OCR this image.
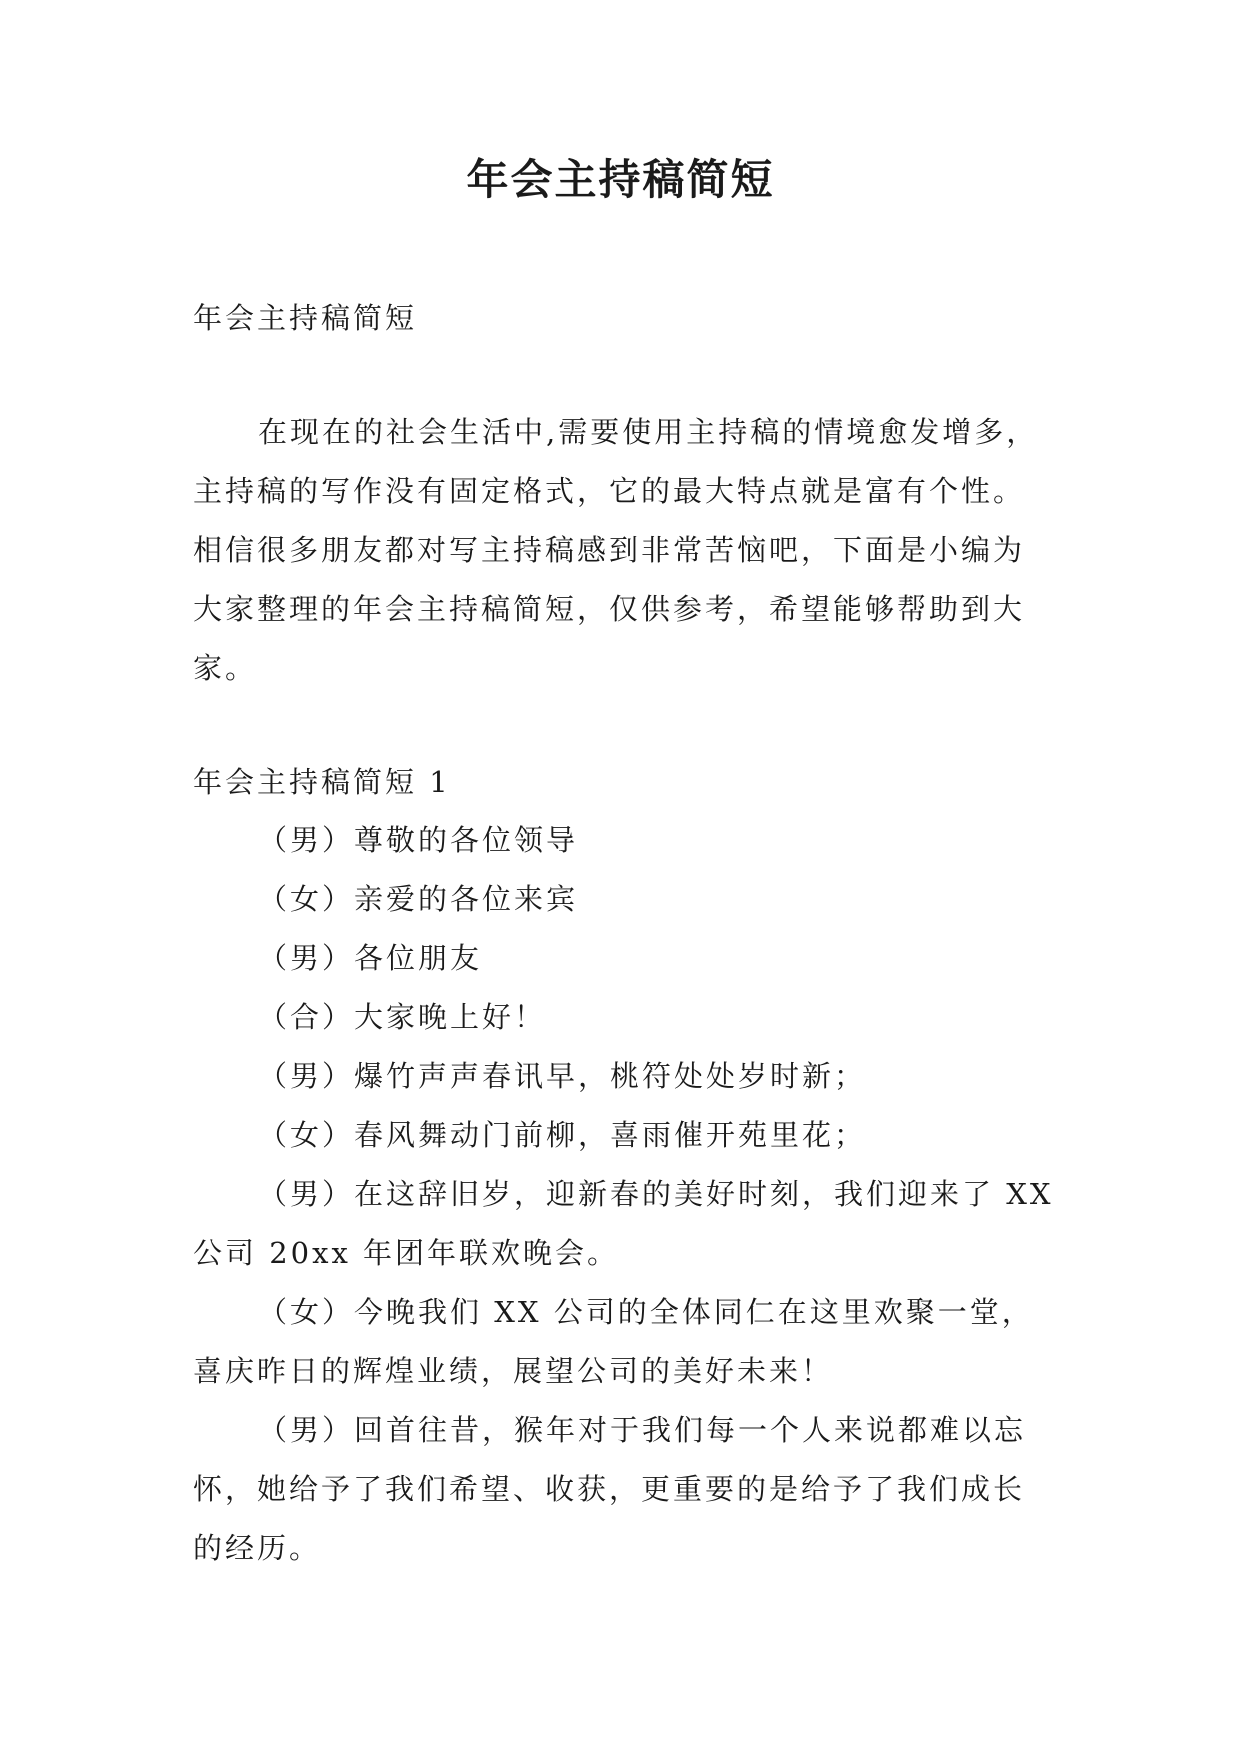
年会主持稿简短
年会主持稿简短
在现在的社会生活中,需要使用主持稿的情境愈发增多，
主持稿的写作没有固定格式，它的最大特点就是富有个性。
相信很多朋友都对写主持稿感到非常苦恼吧，下面是小编为
大家整理的年会主持稿简短，仅供参考，希望能够帮助到大
家。
年会主持稿简短 1
（男）尊敬的各位领导
（女）亲爱的各位来宾
（男）各位朋友
（合）大家晚上好！
（男）爆竹声声春讯早，桃符处处岁时新；
（女）春风舞动门前柳，喜雨催开苑里花；
（男）在这辞旧岁，迎新春的美好时刻，我们迎来了 XX
公司 20xx 年团年联欢晚会。
（女）今晚我们 XX 公司的全体同仁在这里欢聚一堂，
喜庆昨日的辉煌业绩，展望公司的美好未来！
（男）回首往昔，猴年对于我们每一个人来说都难以忘
怀，她给予了我们希望、收获，更重要的是给予了我们成长
的经历。
